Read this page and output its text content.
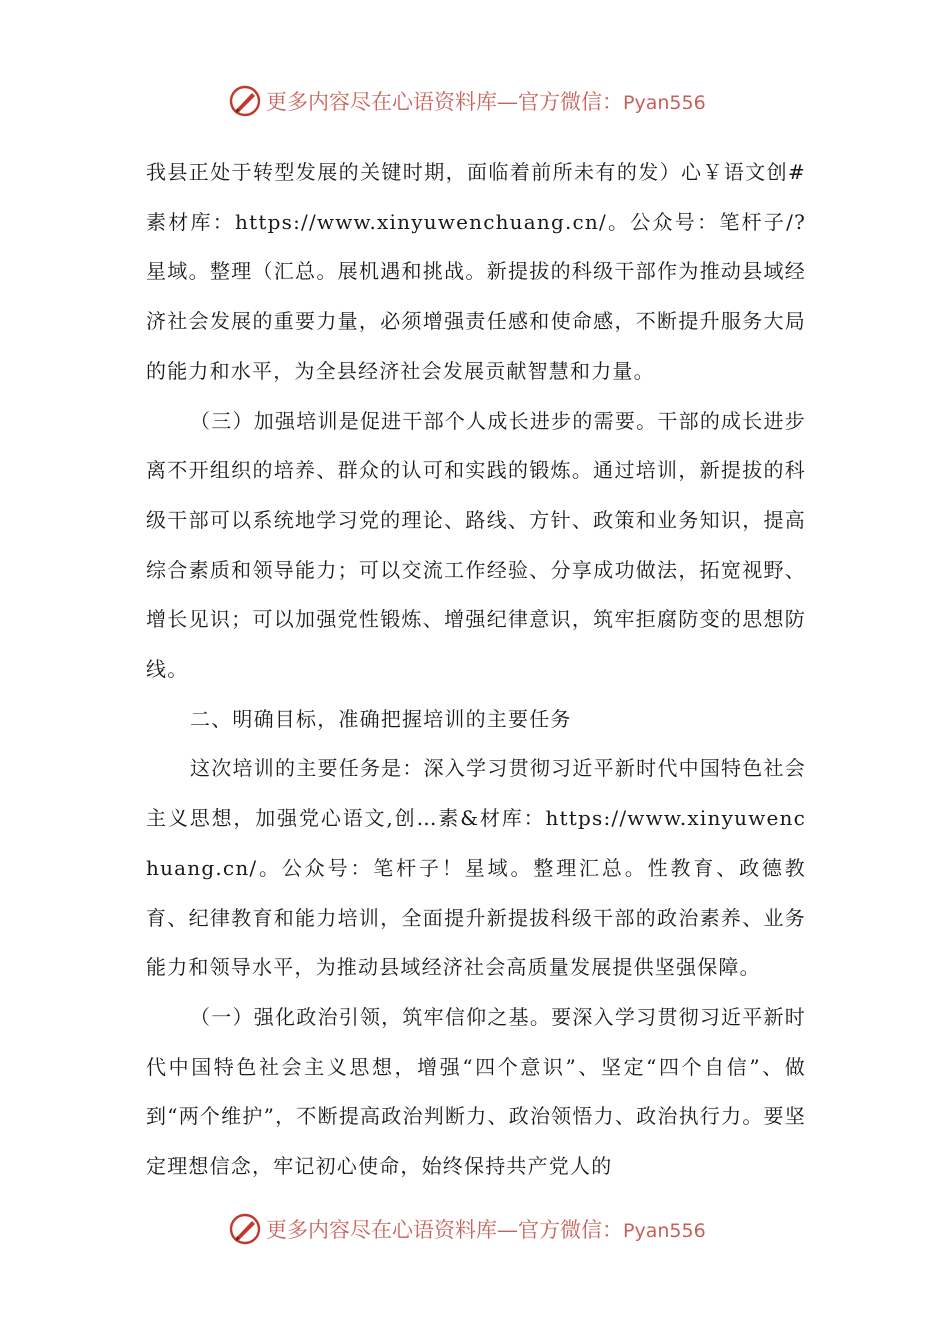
更多内容尽在心语资料库—官方微信：Pyan556

我县正处于转型发展的关键时期，面临着前所未有的发）心￥语文创#素材库：https://www.xinyuwenchuang.cn/。公众号：笔杆子/?星域。整理（汇总。展机遇和挑战。新提拔的科级干部作为推动县域经济社会发展的重要力量，必须增强责任感和使命感，不断提升服务大局的能力和水平，为全县经济社会发展贡献智慧和力量。

（三）加强培训是促进干部个人成长进步的需要。干部的成长进步离不开组织的培养、群众的认可和实践的锻炼。通过培训，新提拔的科级干部可以系统地学习党的理论、路线、方针、政策和业务知识，提高综合素质和领导能力；可以交流工作经验、分享成功做法，拓宽视野、增长见识；可以加强党性锻炼、增强纪律意识，筑牢拒腐防变的思想防线。

二、明确目标，准确把握培训的主要任务

这次培训的主要任务是：深入学习贯彻习近平新时代中国特色社会主义思想，加强党心语文,创…素&材库：https://www.xinyuwenchuang.cn/。公众号：笔杆子！星域。整理汇总。性教育、政德教育、纪律教育和能力培训，全面提升新提拔科级干部的政治素养、业务能力和领导水平，为推动县域经济社会高质量发展提供坚强保障。

（一）强化政治引领，筑牢信仰之基。要深入学习贯彻习近平新时代中国特色社会主义思想，增强“四个意识”、坚定“四个自信”、做到“两个维护”，不断提高政治判断力、政治领悟力、政治执行力。要坚定理想信念，牢记初心使命，始终保持共产党人的

更多内容尽在心语资料库—官方微信：Pyan556
